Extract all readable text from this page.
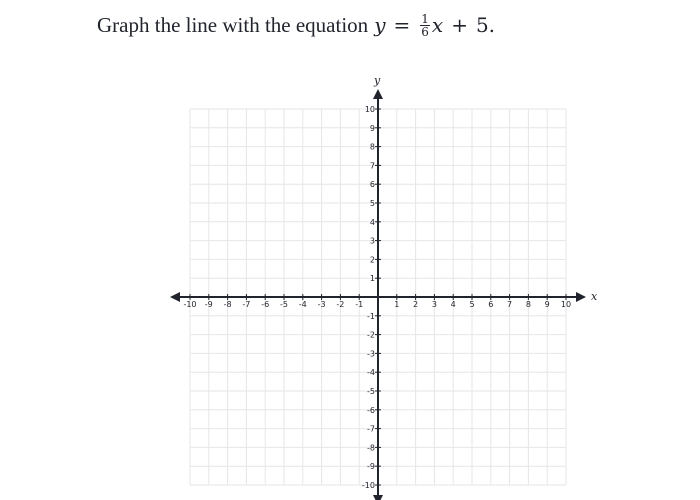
Graph the line with the equation $y = \frac{1}{6}$ x + 5.
-10 -9 -8 -7 -6 -5 -4 -3 -2 -1	1 2 3 4 5 6 7 8 9 10
10
9
8
7
6
5
4
3
2
1
-1
-2
-3
-4
-5
-6
-7
-8
-9
-10
x
y
